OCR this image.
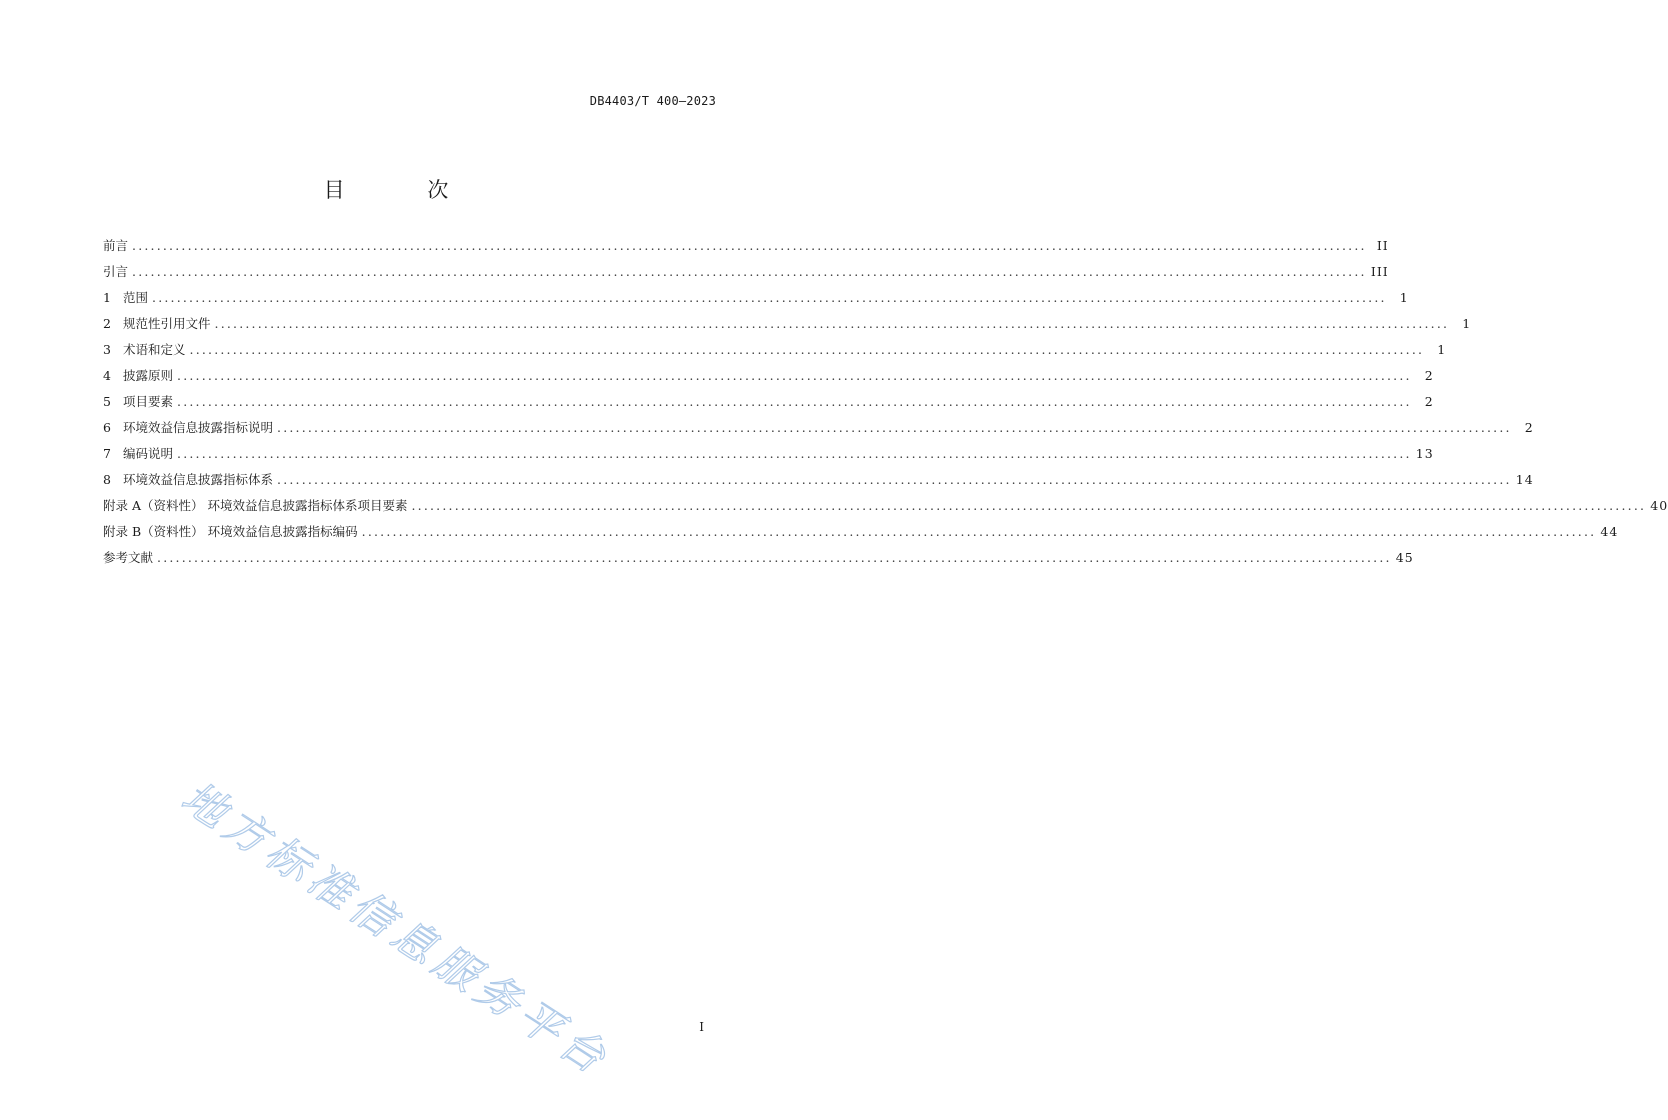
DB4403/T 400—2023
目 次
前言 ........................................................................................................................................................................................................ II
引言 ........................................................................................................................................................................................................ III
1 范围 ........................................................................................................................................................................................................	1
2 规范性引用文件 ........................................................................................................................................................................................................	1
3 术语和定义 ........................................................................................................................................................................................................	1
4 披露原则 ........................................................................................................................................................................................................	2
5 项目要素 ........................................................................................................................................................................................................	2
6 环境效益信息披露指标说明 ........................................................................................................................................................................................................	2
7 编码说明 ........................................................................................................................................................................................................ 13
8 环境效益信息披露指标体系 ........................................................................................................................................................................................................ 14
附录 A（资料性） 环境效益信息披露指标体系项目要素 ........................................................................................................................................................................................................ 40
附录 B（资料性） 环境效益信息披露指标编码 ........................................................................................................................................................................................................ 44
参考文献 ........................................................................................................................................................................................................ 45
地方标准信息服务平台	I
